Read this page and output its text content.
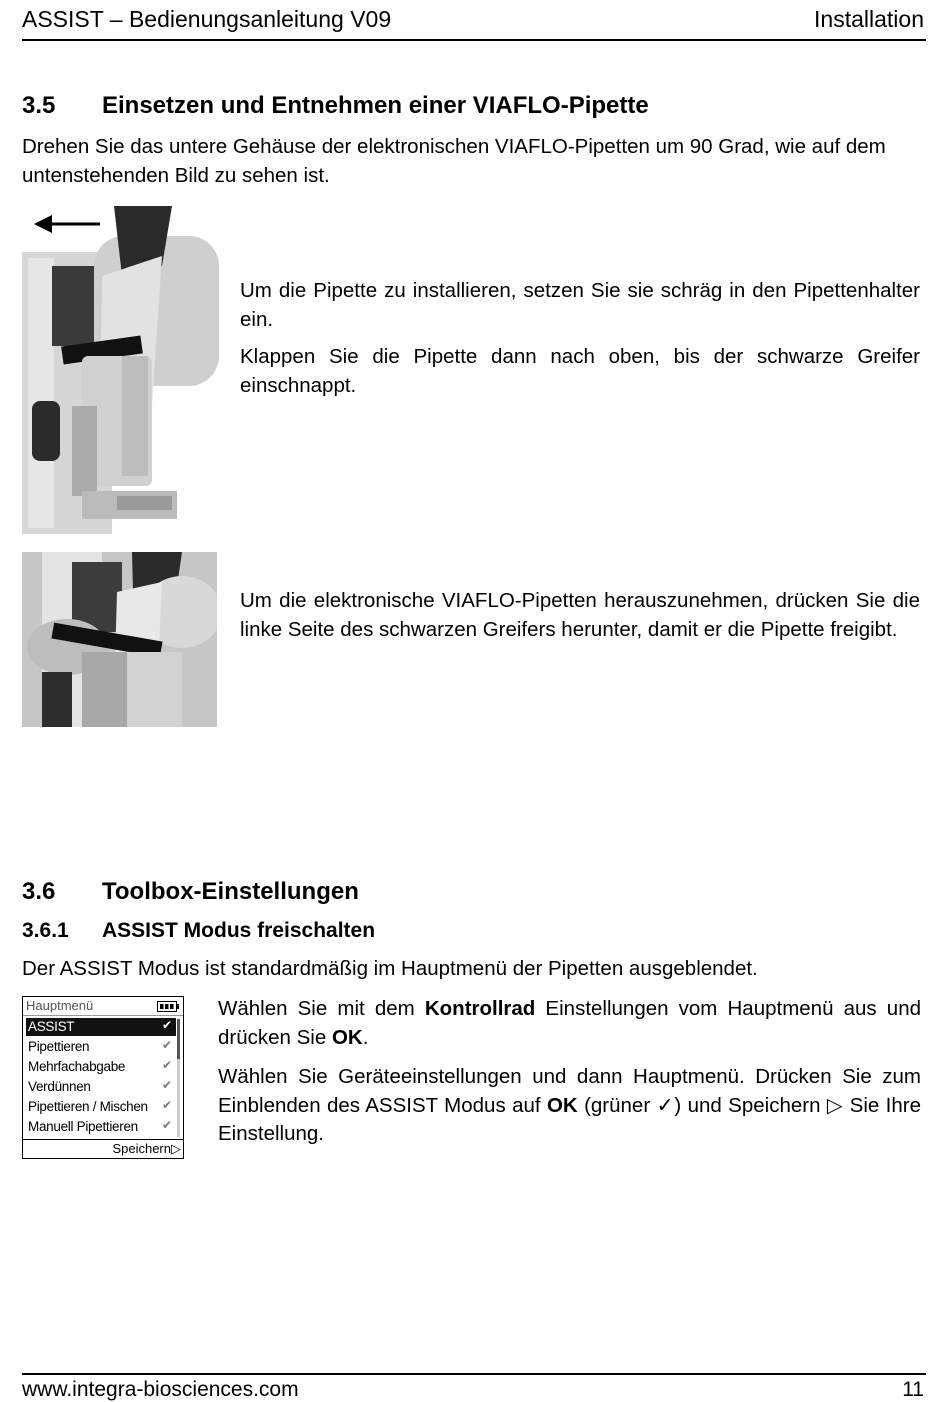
ASSIST – Bedienungsanleitung V09	Installation
3.5 Einsetzen und Entnehmen einer VIAFLO-Pipette
Drehen Sie das untere Gehäuse der elektronischen VIAFLO-Pipetten um 90 Grad, wie auf dem untenstehenden Bild zu sehen ist.
Um die Pipette zu installieren, setzen Sie sie schräg in den Pipettenhalter ein.
Klappen Sie die Pipette dann nach oben, bis der schwarze Greifer einschnappt.
Um die elektronische VIAFLO-Pipetten herauszunehmen, drücken Sie die linke Seite des schwarzen Greifers herunter, damit er die Pipette freigibt.
3.6 Toolbox-Einstellungen
3.6.1 ASSIST Modus freischalten
Der ASSIST Modus ist standardmäßig im Hauptmenü der Pipetten ausgeblendet.
Hauptmenü
ASSIST	✔
Pipettieren	✔
Mehrfachabgabe	✔
Verdünnen	✔
Pipettieren / Mischen ✔
Manuell Pipettieren ✔
Speichern▷
Wählen Sie mit dem Kontrollrad Einstellungen vom Hauptmenü aus und drücken Sie OK.
Wählen Sie Geräteeinstellungen und dann Hauptmenü. Drücken Sie zum Einblenden des ASSIST Modus auf OK (grüner ✓) und Speichern ▷ Sie Ihre Einstellung.
www.integra-biosciences.com	11
